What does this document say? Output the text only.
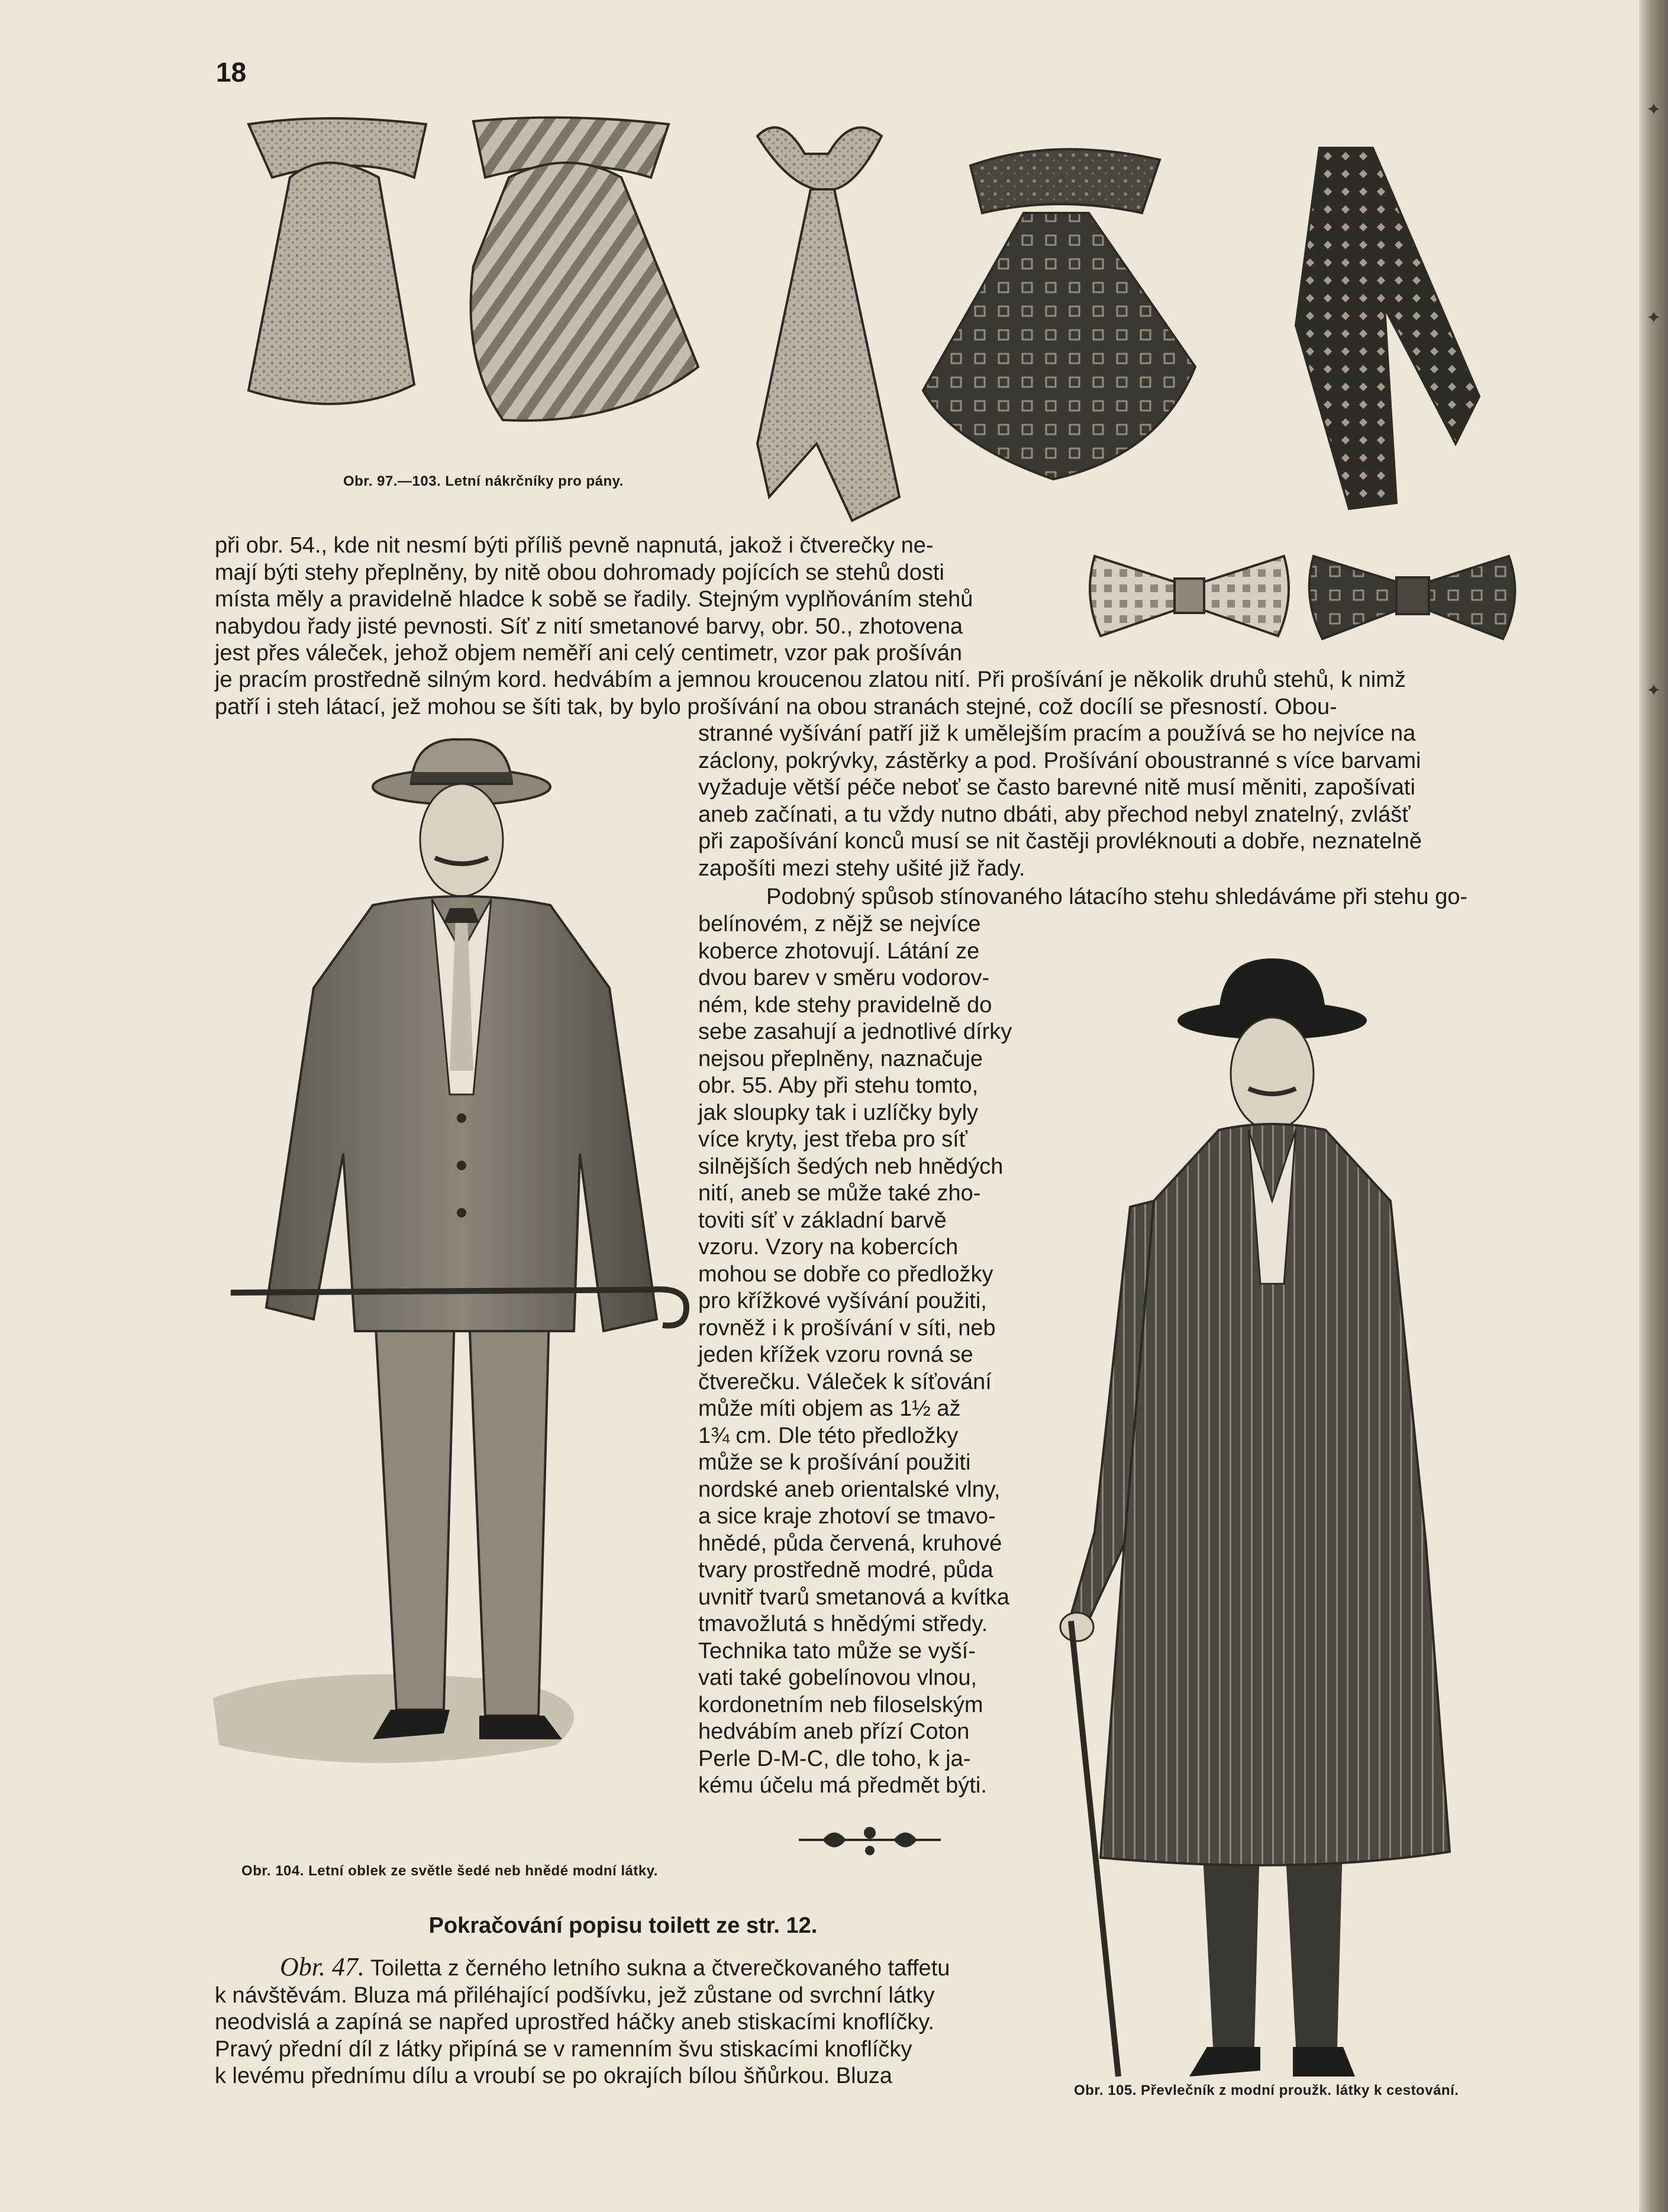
✦
✦
✦
18
Obr. 97.—103. Letní nákrčníky pro pány.

při obr. 54., kde nit nesmí býti příliš pevně napnutá, jakož i čtverečky ne-

mají býti stehy přeplněny, by nitě obou dohromady pojících se stehů dosti

místa měly a pravidelně hladce k sobě se řadily. Stejným vyplňováním stehů

nabydou řady jisté pevnosti. Síť z nití smetanové barvy, obr. 50., zhotovena

jest přes váleček, jehož objem neměří ani celý centimetr, vzor pak prošíván

je pracím prostředně silným kord. hedvábím a jemnou kroucenou zlatou nití. Při prošívání je několik druhů stehů, k nimž

patří i steh látací, jež mohou se šíti tak, by bylo prošívání na obou stranách stejné, což docílí se přesností. Obou-

Obr. 104. Letní oblek ze světle šedé neb hnědé modní látky.

stranné vyšívání patří již k umělejším pracím a používá se ho nejvíce na

záclony, pokrývky, zástěrky a pod. Prošívání oboustranné s více barvami

vyžaduje větší péče neboť se často barevné nitě musí měniti, zapošívati

aneb začínati, a tu vždy nutno dbáti, aby přechod nebyl znatelný, zvlášť

při zapošívání konců musí se nit častěji provléknouti a dobře, neznatelně

zapošíti mezi stehy ušité již řady.

Podobný spůsob stínovaného látacího stehu shledáváme při stehu go-

belínovém, z nějž se nejvíce

koberce zhotovují. Látání ze

dvou barev v směru vodorov-

ném, kde stehy pravidelně do

sebe zasahují a jednotlivé dírky

nejsou přeplněny, naznačuje

obr. 55. Aby při stehu tomto,

jak sloupky tak i uzlíčky byly

více kryty, jest třeba pro síť

silnějších šedých neb hnědých

nití, aneb se může také zho-

toviti síť v základní barvě

vzoru. Vzory na kobercích

mohou se dobře co předložky

pro křížkové vyšívání použiti,

rovněž i k prošívání v síti, neb

jeden křížek vzoru rovná se

čtverečku. Váleček k síťování

může míti objem as 1½ až

1¾ cm. Dle této předložky

může se k prošívání použiti

nordské aneb orientalské vlny,

a sice kraje zhotoví se tmavo-

hnědé, půda červená, kruhové

tvary prostředně modré, půda

uvnitř tvarů smetanová a kvítka

tmavožlutá s hnědými středy.

Technika tato může se vyší-

vati také gobelínovou vlnou,

kordonetním neb filoselským

hedvábím aneb přízí Coton

Perle D-M-C, dle toho, k ja-

kému účelu má předmět býti.

Obr. 105. Převlečník z modní proužk. látky k cestování.
Pokračování popisu toilett ze str. 12.

Obr. 47. Toiletta z černého letního sukna a čtverečkovaného taffetu

k návštěvám. Bluza má přiléhající podšívku, jež zůstane od svrchní látky

neodvislá a zapíná se napřed uprostřed háčky aneb stiskacími knoflíčky.

Pravý přední díl z látky připíná se v ramenním švu stiskacími knoflíčky

k levému přednímu dílu a vroubí se po okrajích bílou šňůrkou. Bluza
